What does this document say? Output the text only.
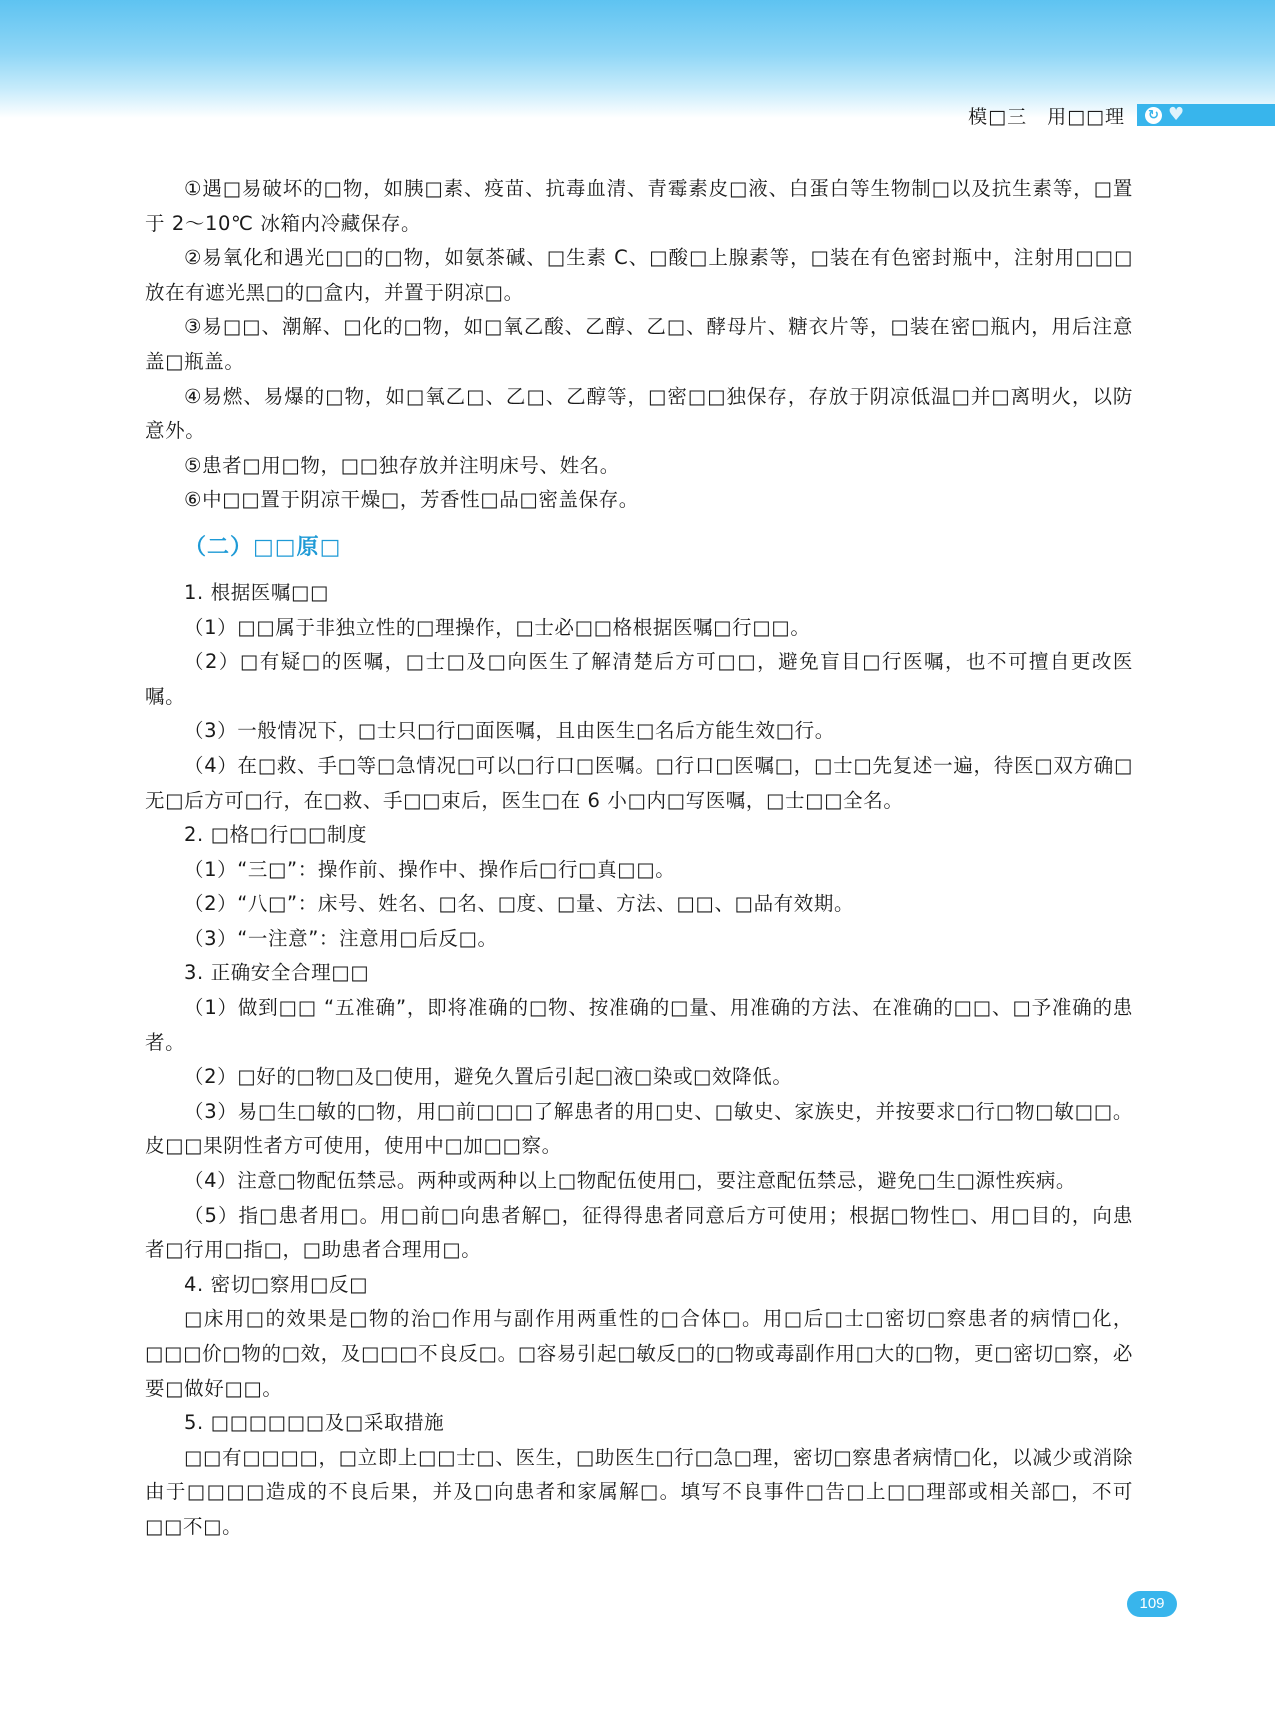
模□三　用□□理 ↻ ♥

①遇□易破坏的□物，如胰□素、疫苗、抗毒血清、青霉素皮□液、白蛋白等生物制□以及抗生素等，□置于 2～10℃ 冰箱内冷藏保存。

②易氧化和遇光□□的□物，如氨茶碱、□生素 C、□酸□上腺素等，□装在有色密封瓶中，注射用□□□放在有遮光黑□的□盒内，并置于阴凉□。

③易□□、潮解、□化的□物，如□氧乙酸、乙醇、乙□、酵母片、糖衣片等，□装在密□瓶内，用后注意盖□瓶盖。

④易燃、易爆的□物，如□氧乙□、乙□、乙醇等，□密□□独保存，存放于阴凉低温□并□离明火，以防意外。

⑤患者□用□物，□□独存放并注明床号、姓名。

⑥中□□置于阴凉干燥□，芳香性□品□密盖保存。

（二）□□原□

1. 根据医嘱□□

（1）□□属于非独立性的□理操作，□士必□□格根据医嘱□行□□。

（2）□有疑□的医嘱，□士□及□向医生了解清楚后方可□□，避免盲目□行医嘱，也不可擅自更改医嘱。

（3）一般情况下，□士只□行□面医嘱，且由医生□名后方能生效□行。

（4）在□救、手□等□急情况□可以□行口□医嘱。□行口□医嘱□，□士□先复述一遍，待医□双方确□无□后方可□行，在□救、手□□束后，医生□在 6 小□内□写医嘱，□士□□全名。

2. □格□行□□制度

（1）“三□”：操作前、操作中、操作后□行□真□□。

（2）“八□”：床号、姓名、□名、□度、□量、方法、□□、□品有效期。

（3）“一注意”：注意用□后反□。

3. 正确安全合理□□

（1）做到□□ “五准确”，即将准确的□物、按准确的□量、用准确的方法、在准确的□□、□予准确的患者。

（2）□好的□物□及□使用，避免久置后引起□液□染或□效降低。

（3）易□生□敏的□物，用□前□□□了解患者的用□史、□敏史、家族史，并按要求□行□物□敏□□。皮□□果阴性者方可使用，使用中□加□□察。

（4）注意□物配伍禁忌。两种或两种以上□物配伍使用□，要注意配伍禁忌，避免□生□源性疾病。

（5）指□患者用□。用□前□向患者解□，征得得患者同意后方可使用；根据□物性□、用□目的，向患者□行用□指□，□助患者合理用□。

4. 密切□察用□反□

□床用□的效果是□物的治□作用与副作用两重性的□合体□。用□后□士□密切□察患者的病情□化，□□□价□物的□效，及□□□不良反□。□容易引起□敏反□的□物或毒副作用□大的□物，更□密切□察，必要□做好□□。

5. □□□□□□及□采取措施

□□有□□□□，□立即上□□士□、医生，□助医生□行□急□理，密切□察患者病情□化，以减少或消除由于□□□□造成的不良后果，并及□向患者和家属解□。填写不良事件□告□上□□理部或相关部□，不可□□不□。

109
